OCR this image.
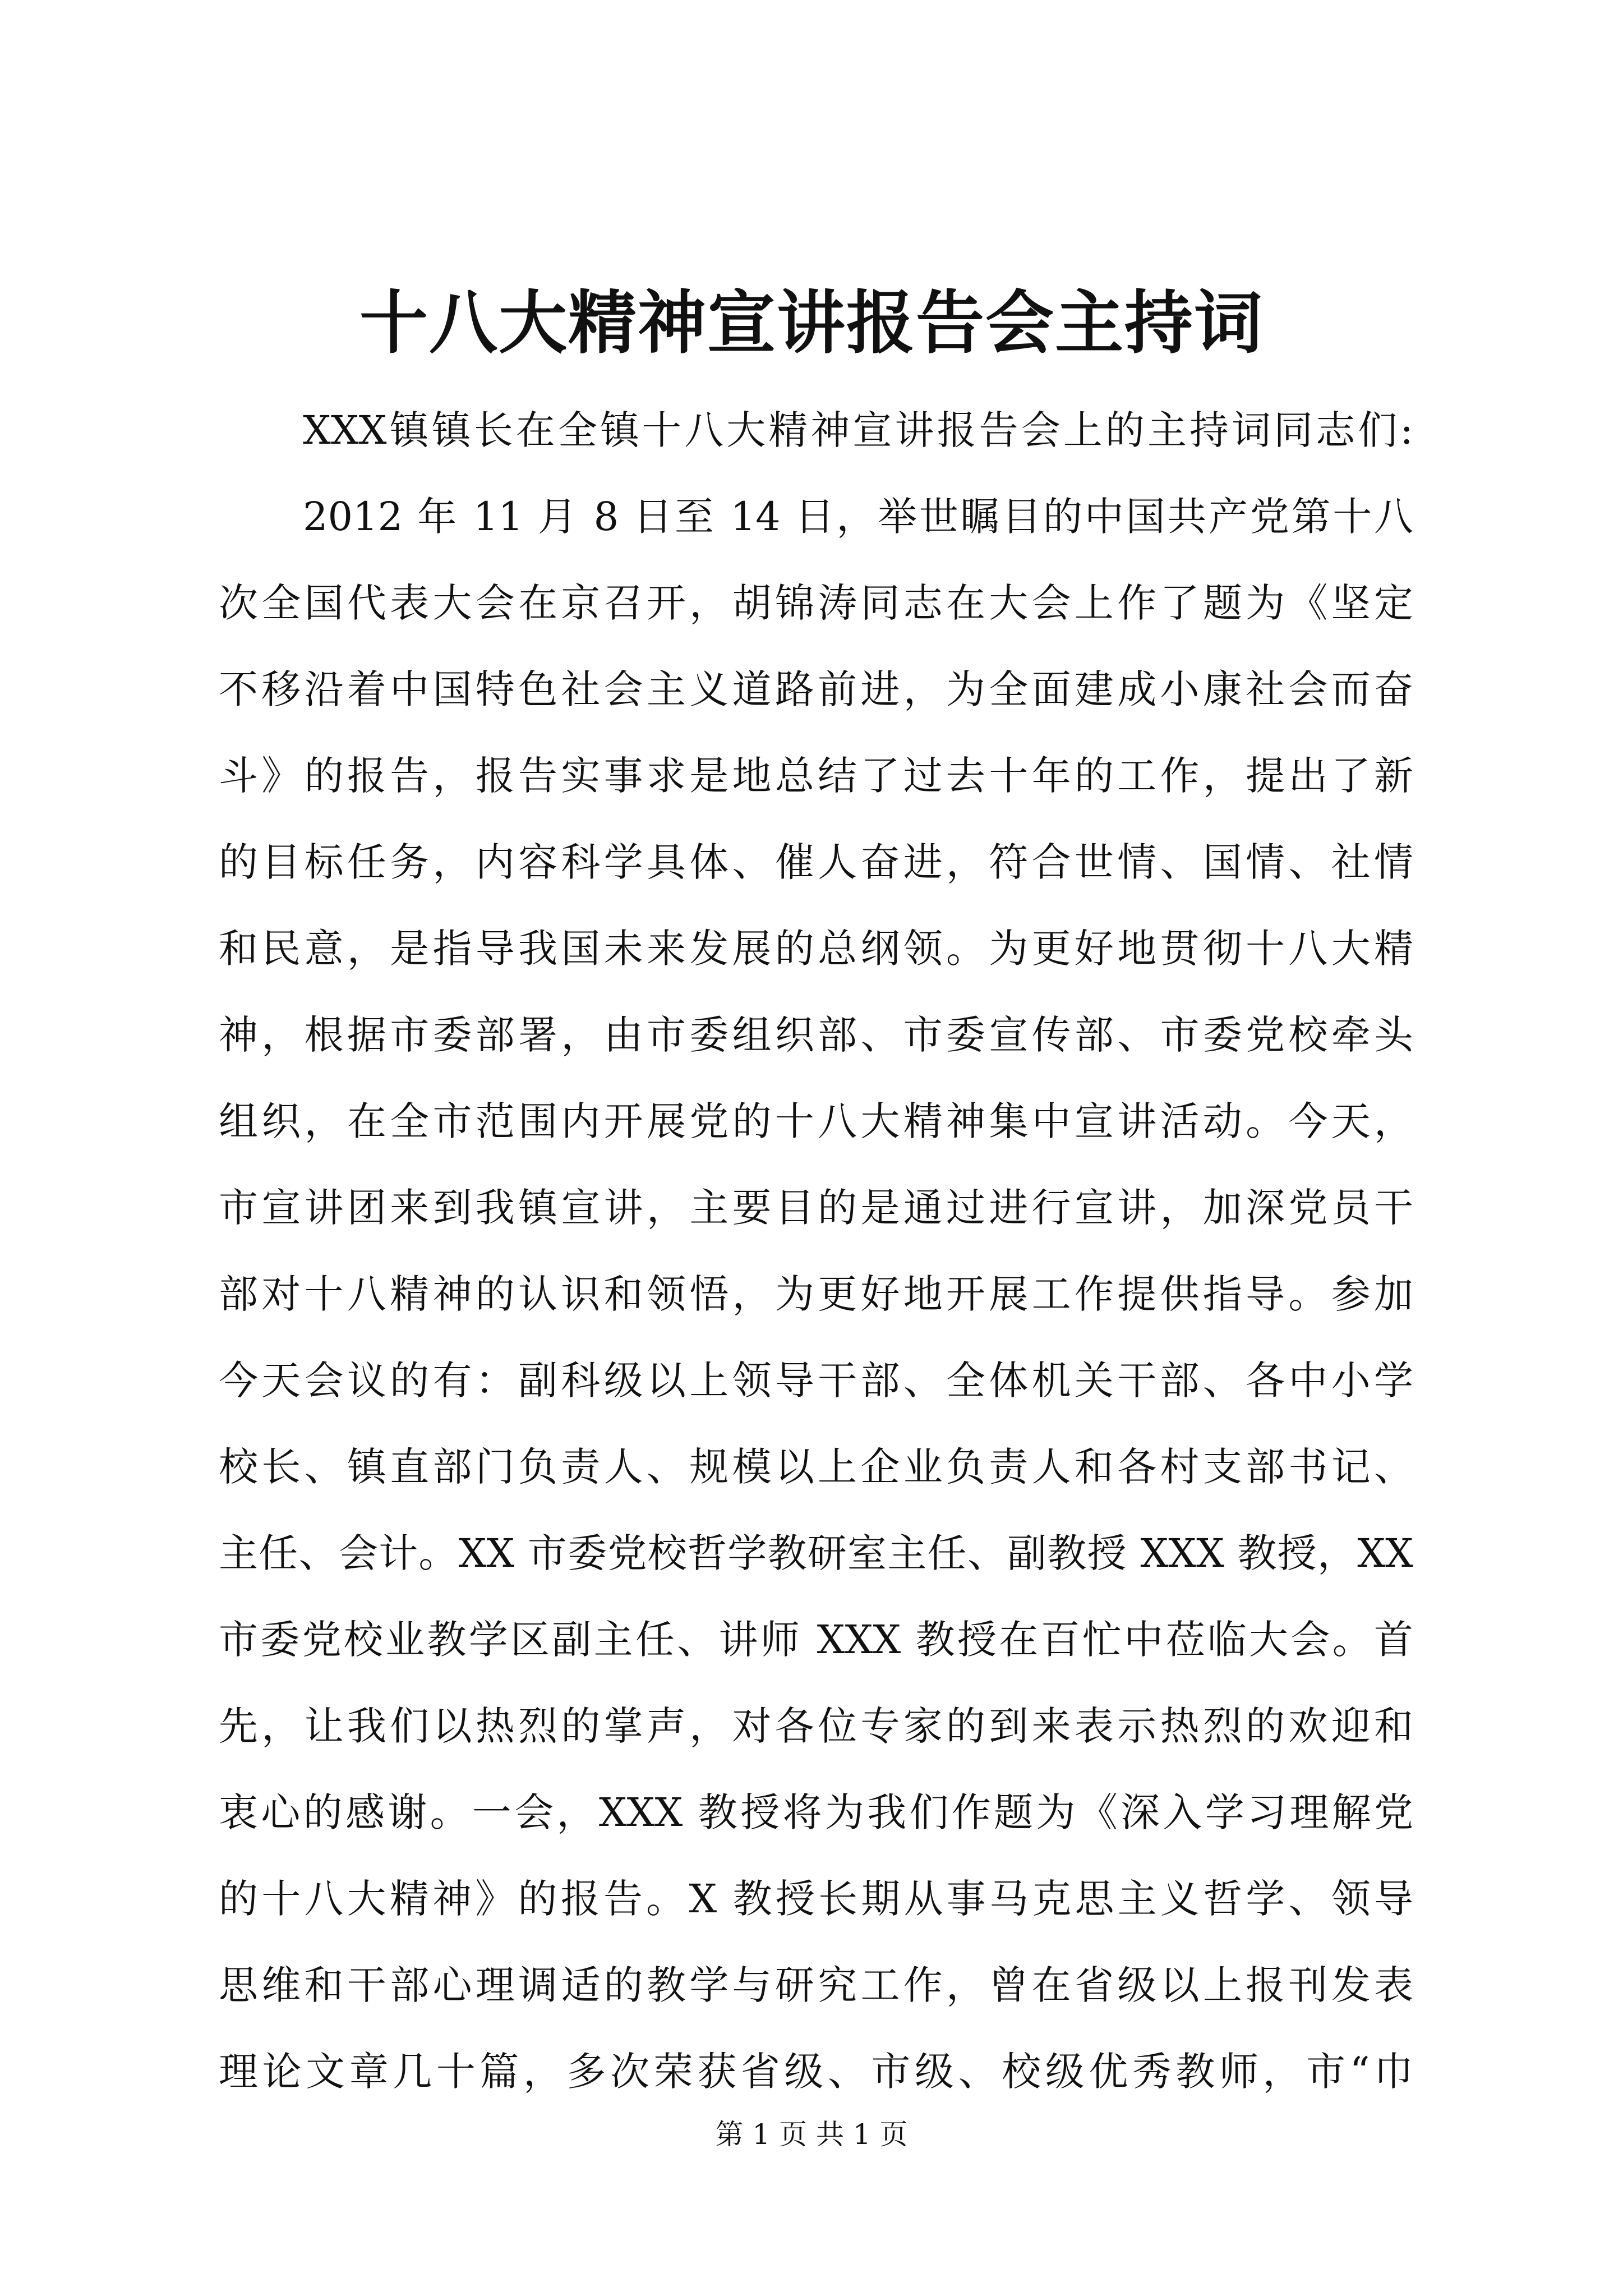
十八大精神宣讲报告会主持词
XXX镇镇长在全镇十八大精神宣讲报告会上的主持词同志们:
2012 年 11 月 8 日至 14 日，举世瞩目的中国共产党第十八
次全国代表大会在京召开，胡锦涛同志在大会上作了题为《坚定
不移沿着中国特色社会主义道路前进，为全面建成小康社会而奋
斗》的报告，报告实事求是地总结了过去十年的工作，提出了新
的目标任务，内容科学具体、催人奋进，符合世情、国情、社情
和民意，是指导我国未来发展的总纲领。为更好地贯彻十八大精
神，根据市委部署，由市委组织部、市委宣传部、市委党校牵头
组织，在全市范围内开展党的十八大精神集中宣讲活动。今天，
市宣讲团来到我镇宣讲，主要目的是通过进行宣讲，加深党员干
部对十八精神的认识和领悟，为更好地开展工作提供指导。参加
今天会议的有：副科级以上领导干部、全体机关干部、各中小学
校长、镇直部门负责人、规模以上企业负责人和各村支部书记、
主任、会计。XX 市委党校哲学教研室主任、副教授 XXX 教授，XX
市委党校业教学区副主任、讲师 XXX 教授在百忙中莅临大会。首
先，让我们以热烈的掌声，对各位专家的到来表示热烈的欢迎和
衷心的感谢。一会，XXX 教授将为我们作题为《深入学习理解党
的十八大精神》的报告。X 教授长期从事马克思主义哲学、领导
思维和干部心理调适的教学与研究工作，曾在省级以上报刊发表
理论文章几十篇，多次荣获省级、市级、校级优秀教师，市“巾
第 1 页 共 1 页
